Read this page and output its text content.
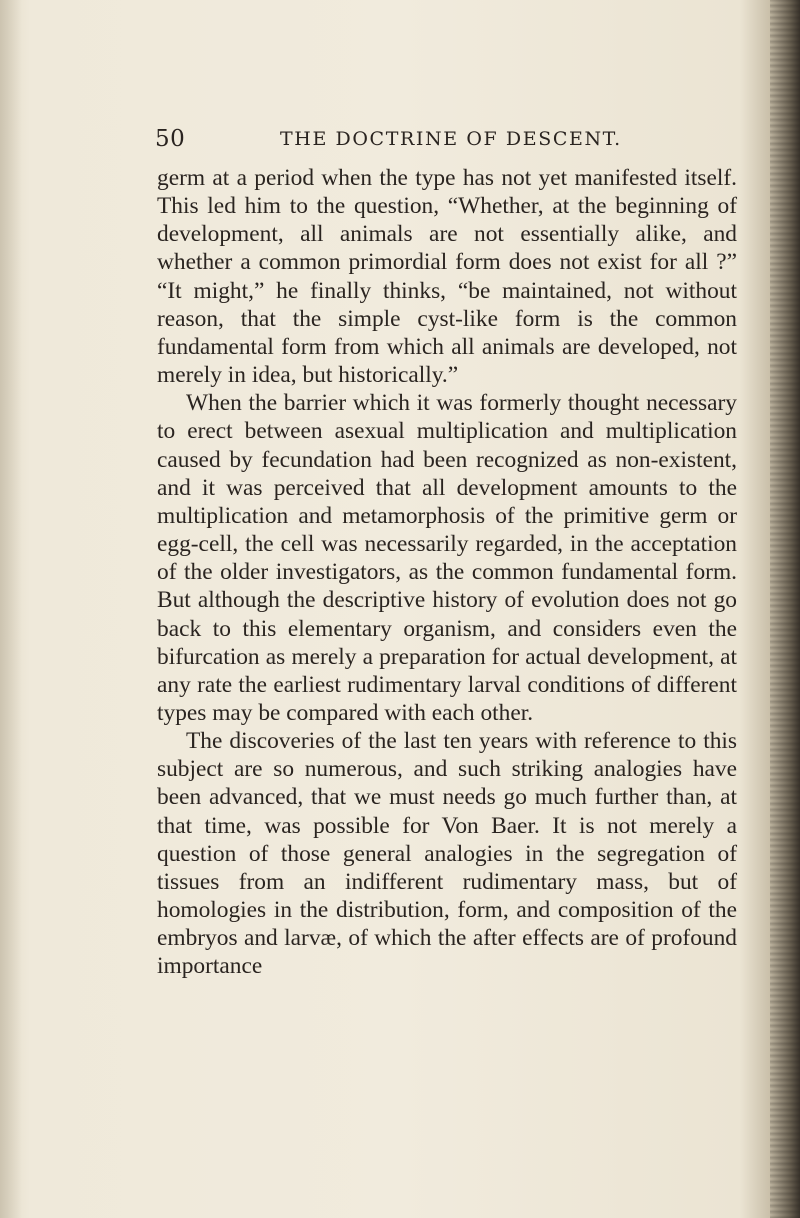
50	THE DOCTRINE OF DESCENT.

germ at a period when the type has not yet manifested itself. This led him to the question, “Whether, at the beginning of development, all animals are not essentially alike, and whether a common primordial form does not exist for all ?” “It might,” he finally thinks, “be maintained, not without reason, that the simple cyst-like form is the common fundamental form from which all animals are developed, not merely in idea, but historically.”

When the barrier which it was formerly thought necessary to erect between asexual multiplication and multiplication caused by fecundation had been recognized as non-existent, and it was perceived that all development amounts to the multiplication and metamorphosis of the primitive germ or egg-cell, the cell was necessarily regarded, in the acceptation of the older investigators, as the common fundamental form. But although the descriptive history of evolution does not go back to this elementary organism, and considers even the bifurcation as merely a preparation for actual development, at any rate the earliest rudimentary larval conditions of different types may be compared with each other.

The discoveries of the last ten years with reference to this subject are so numerous, and such striking analogies have been advanced, that we must needs go much further than, at that time, was possible for Von Baer. It is not merely a question of those general analogies in the segregation of tissues from an indifferent rudimentary mass, but of homologies in the distribution, form, and composition of the embryos and larvæ, of which the after effects are of profound importance
